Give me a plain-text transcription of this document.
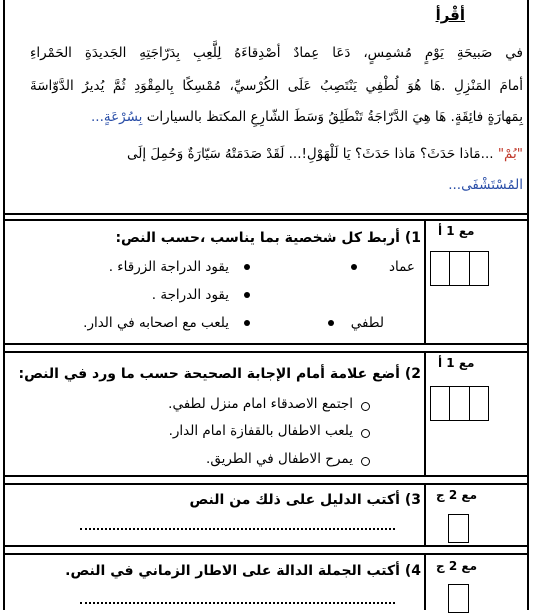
أقْرأ
في صَبيحَةِ يَوْمٍ مُشمِسٍ، دَعَا عِمادٌ أصْدِقاءَهُ لِلَّعِبِ بِدَرّاجَتِهِ الجَديدَةِ الحَمْراءِ
أمامَ المَنْزِلِ .هَا هُوَ لُطْفِي يَنْتَصِبُ عَلَى الكُرْسيِّ، مُمْسِكًا بِالمِقْوَدِ ثُمَّ يُديرُ الدَّوّاسَةَ
بِمَهارَةٍ فائِقَةٍ. هَا هِيَ الدَّرّاجَةُ تَنْطَلِقُ وَسَطَ الشّارِعِ المكتظ بالسيارات بِسُرْعَةٍ...
"بُمْ" ...مَاذا حَدَثَ؟ مَاذا حَدَثَ؟ يَا لَلْهَوْلِ!... لَقَدْ صَدَمَتْهُ سَيّارَةٌ وَحُمِلَ إلَى
المُسْتَشْفَى...
مع 1 أ
1) أربط كل شخصية بما يناسب ،حسب النص:
عماد
لطفي
يقود الدراجة الزرقاء .
يقود الدراجة .
يلعب مع اصحابه في الدار.
مع 1 أ
2) أضع علامة أمام الإجابة الصحيحة حسب ما ورد في النص:
اجتمع الاصدقاء امام منزل لطفي.
يلعب الاطفال بالقفازة امام الدار.
يمرح الاطفال في الطريق.
مع 2 ج
3) أكتب الدليل على ذلك من النص
مع 2 ج
4) أكتب الجملة الدالة على الاطار الزماني في النص.
